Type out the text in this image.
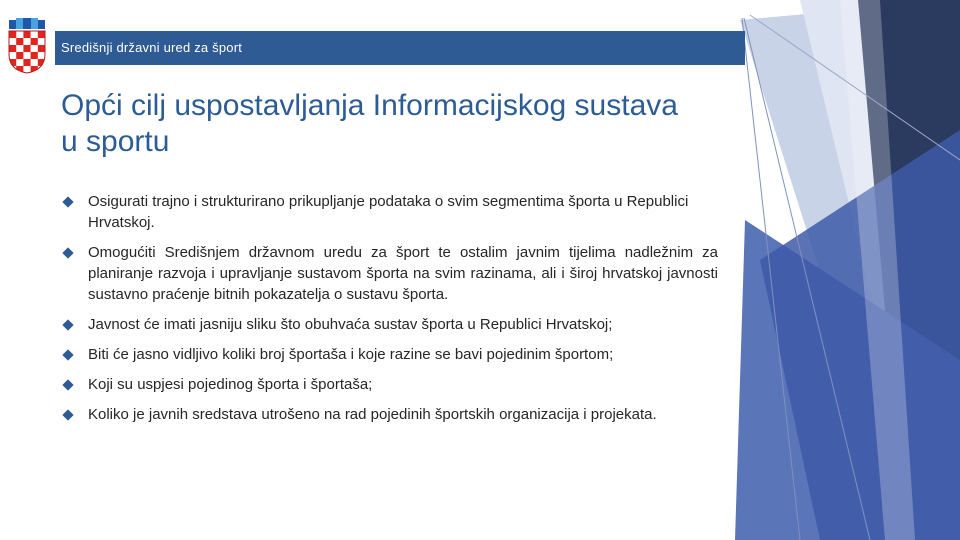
Središnji državni ured za šport
Opći cilj uspostavljanja Informacijskog sustava u sportu
Osigurati trajno i strukturirano prikupljanje podataka o svim segmentima športa u Republici Hrvatskoj.
Omogućiti Središnjem državnom uredu za šport te ostalim javnim tijelima nadležnim za planiranje razvoja i upravljanje sustavom športa na svim razinama, ali i široj hrvatskoj javnosti sustavno praćenje bitnih pokazatelja o sustavu športa.
Javnost će imati jasniju sliku što obuhvaća sustav športa u Republici Hrvatskoj;
Biti će jasno vidljivo koliki broj športaša i koje razine se bavi pojedinim športom;
Koji su uspjesi pojedinog športa i športaša;
Koliko je javnih sredstava utrošeno na rad pojedinih športskih organizacija i projekata.
